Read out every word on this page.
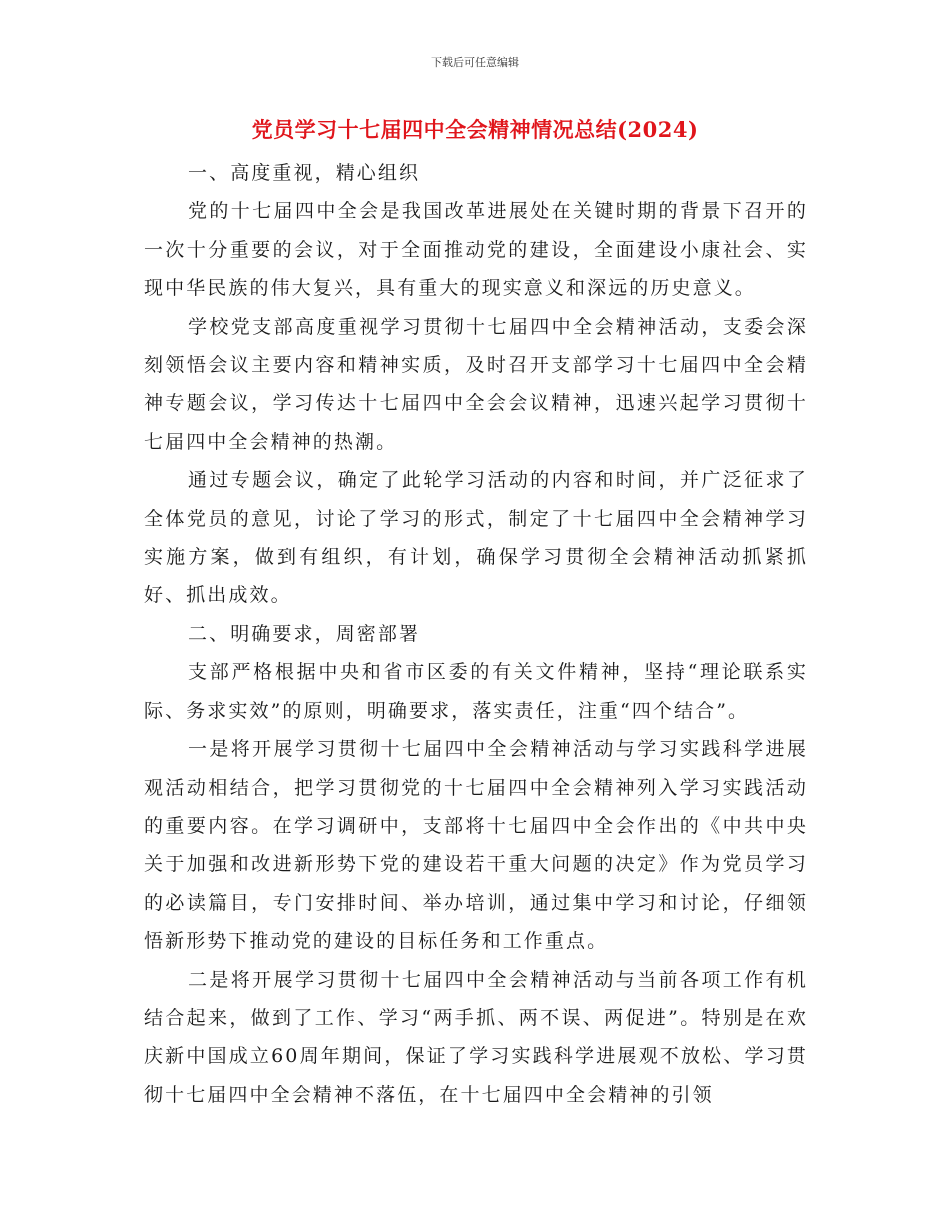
下载后可任意编辑
党员学习十七届四中全会精神情况总结(2024)

一、高度重视，精心组织

党的十七届四中全会是我国改革进展处在关键时期的背景下召开的一次十分重要的会议，对于全面推动党的建设，全面建设小康社会、实现中华民族的伟大复兴，具有重大的现实意义和深远的历史意义。

学校党支部高度重视学习贯彻十七届四中全会精神活动，支委会深刻领悟会议主要内容和精神实质，及时召开支部学习十七届四中全会精神专题会议，学习传达十七届四中全会会议精神，迅速兴起学习贯彻十七届四中全会精神的热潮。

通过专题会议，确定了此轮学习活动的内容和时间，并广泛征求了全体党员的意见，讨论了学习的形式，制定了十七届四中全会精神学习实施方案，做到有组织，有计划，确保学习贯彻全会精神活动抓紧抓好、抓出成效。

二、明确要求，周密部署

支部严格根据中央和省市区委的有关文件精神，坚持“理论联系实际、务求实效”的原则，明确要求，落实责任，注重“四个结合”。

一是将开展学习贯彻十七届四中全会精神活动与学习实践科学进展观活动相结合，把学习贯彻党的十七届四中全会精神列入学习实践活动的重要内容。在学习调研中，支部将十七届四中全会作出的《中共中央关于加强和改进新形势下党的建设若干重大问题的决定》作为党员学习的必读篇目，专门安排时间、举办培训，通过集中学习和讨论，仔细领悟新形势下推动党的建设的目标任务和工作重点。

二是将开展学习贯彻十七届四中全会精神活动与当前各项工作有机结合起来，做到了工作、学习“两手抓、两不误、两促进”。特别是在欢庆新中国成立60周年期间，保证了学习实践科学进展观不放松、学习贯彻十七届四中全会精神不落伍，在十七届四中全会精神的引领
